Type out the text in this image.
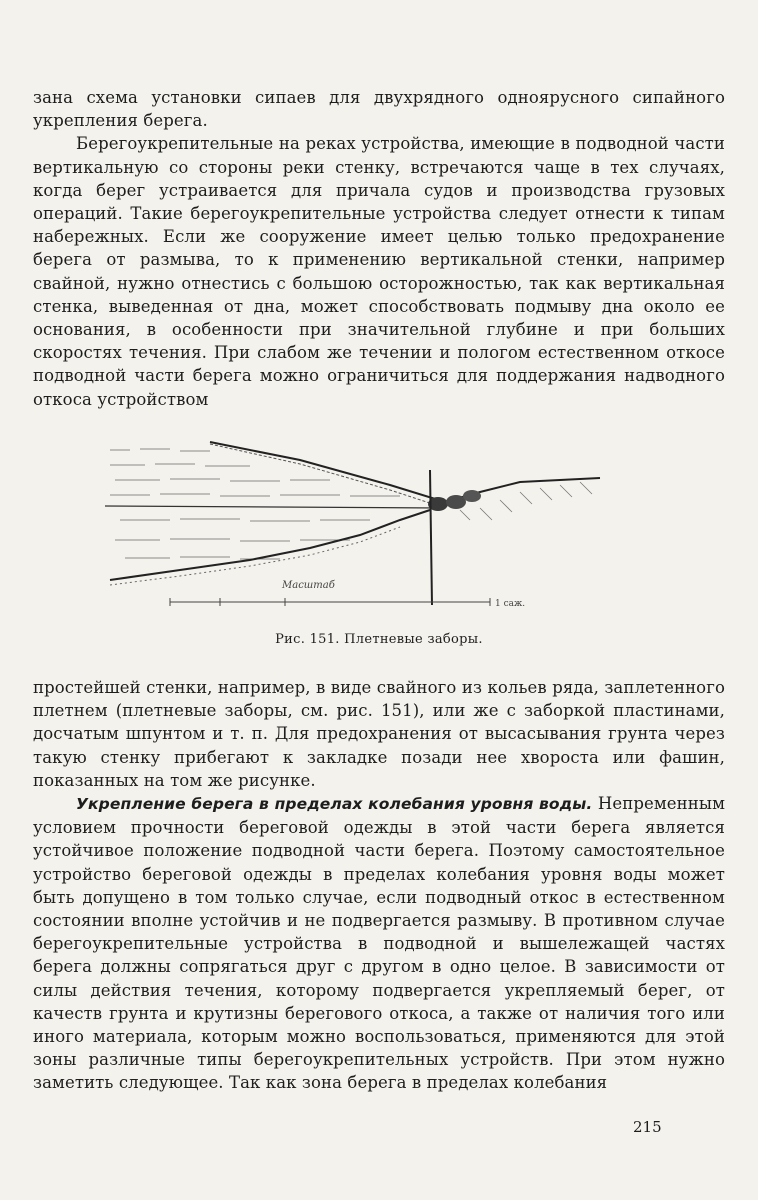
зана схема установки сипаев для двухрядного одноярусного сипайного укрепления берега.

Берегоукрепительные на реках устройства, имеющие в подводной части вертикальную со стороны реки стенку, встречаются чаще в тех случаях, когда берег устраивается для причала судов и производства грузовых операций. Такие берегоукрепительные устройства следует отнести к типам набережных. Если же сооружение имеет целью только предохранение берега от размыва, то к применению вертикальной стенки, например свайной, нужно отнестись с большою осторожностью, так как вертикальная стенка, выведенная от дна, может способствовать подмыву дна около ее основания, в особенности при значительной глубине и при больших скоростях течения. При слабом же течении и пологом естественном откосе подводной части берега можно ограничиться для поддержания надводного откоса устройством

Масштаб
1 саж.
Рис. 151. Плетневые заборы.

простейшей стенки, например, в виде свайного из кольев ряда, заплетенного плетнем (плетневые заборы, см. рис. 151), или же с заборкой пластинами, досчатым шпунтом и т. п. Для предохранения от высасывания грунта через такую стенку прибегают к закладке позади нее хвороста или фашин, показанных на том же рисунке.

Укрепление берега в пределах колебания уровня воды. Непременным условием прочности береговой одежды в этой части берега является устойчивое положение подводной части берега. Поэтому самостоятельное устройство береговой одежды в пределах колебания уровня воды может быть допущено в том только случае, если подводный откос в естественном состоянии вполне устойчив и не подвергается размыву. В противном случае берегоукрепительные устройства в подводной и вышележащей частях берега должны сопрягаться друг с другом в одно целое. В зависимости от силы действия течения, которому подвергается укрепляемый берег, от качеств грунта и крутизны берегового откоса, а также от наличия того или иного материала, которым можно воспользоваться, применяются для этой зоны различные типы берегоукрепительных устройств. При этом нужно заметить следующее. Так как зона берега в пределах колебания

215
